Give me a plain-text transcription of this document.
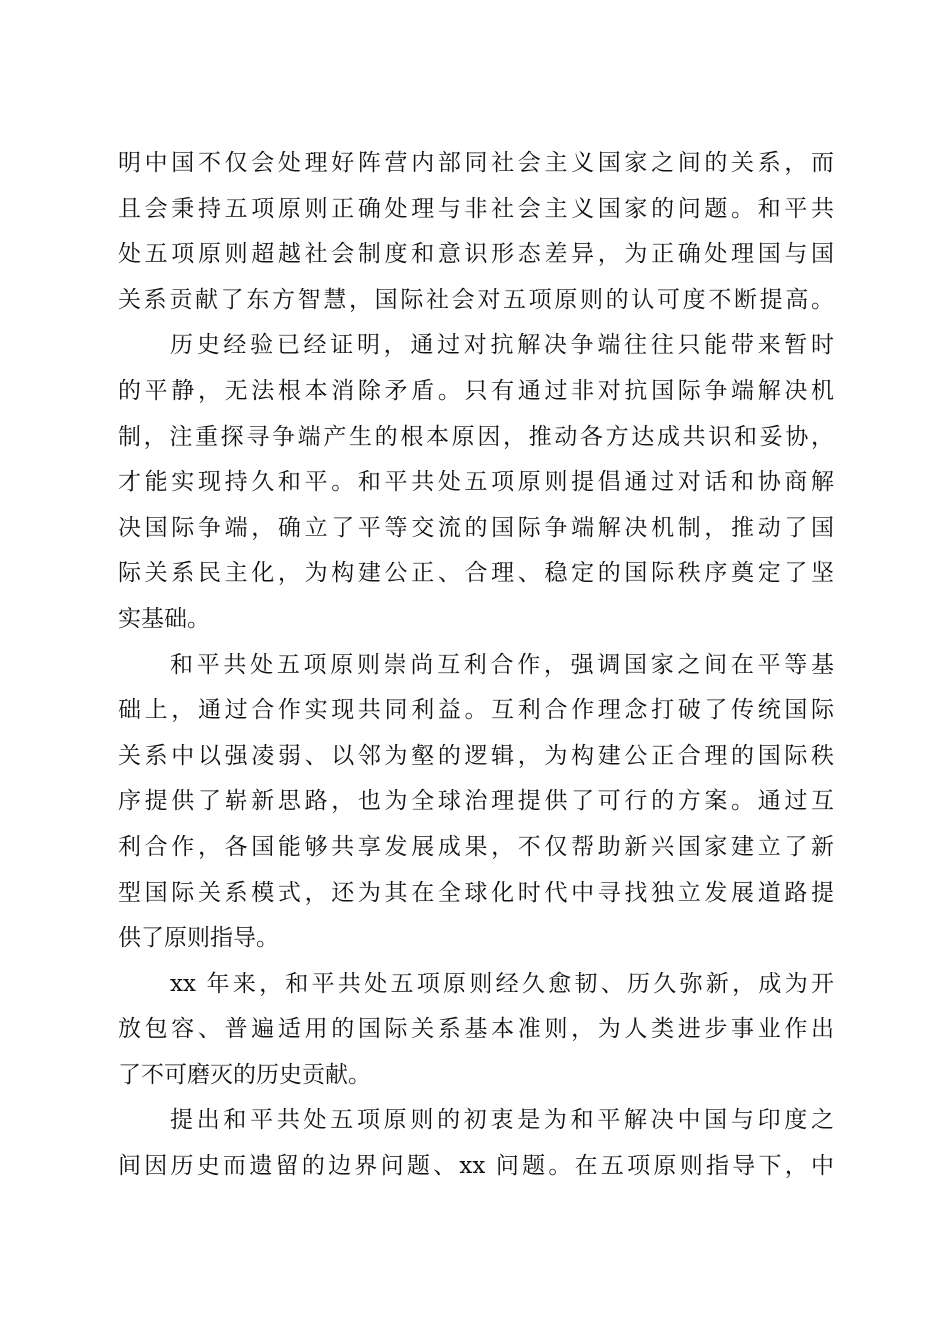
明中国不仅会处理好阵营内部同社会主义国家之间的关系，而
且会秉持五项原则正确处理与非社会主义国家的问题。和平共
处五项原则超越社会制度和意识形态差异，为正确处理国与国
关系贡献了东方智慧，国际社会对五项原则的认可度不断提高。
历史经验已经证明，通过对抗解决争端往往只能带来暂时
的平静，无法根本消除矛盾。只有通过非对抗国际争端解决机
制，注重探寻争端产生的根本原因，推动各方达成共识和妥协，
才能实现持久和平。和平共处五项原则提倡通过对话和协商解
决国际争端，确立了平等交流的国际争端解决机制，推动了国
际关系民主化，为构建公正、合理、稳定的国际秩序奠定了坚
实基础。
和平共处五项原则崇尚互利合作，强调国家之间在平等基
础上，通过合作实现共同利益。互利合作理念打破了传统国际
关系中以强凌弱、以邻为壑的逻辑，为构建公正合理的国际秩
序提供了崭新思路，也为全球治理提供了可行的方案。通过互
利合作，各国能够共享发展成果，不仅帮助新兴国家建立了新
型国际关系模式，还为其在全球化时代中寻找独立发展道路提
供了原则指导。
xx 年来，和平共处五项原则经久愈韧、历久弥新，成为开
放包容、普遍适用的国际关系基本准则，为人类进步事业作出
了不可磨灭的历史贡献。
提出和平共处五项原则的初衷是为和平解决中国与印度之
间因历史而遗留的边界问题、xx 问题。在五项原则指导下，中
